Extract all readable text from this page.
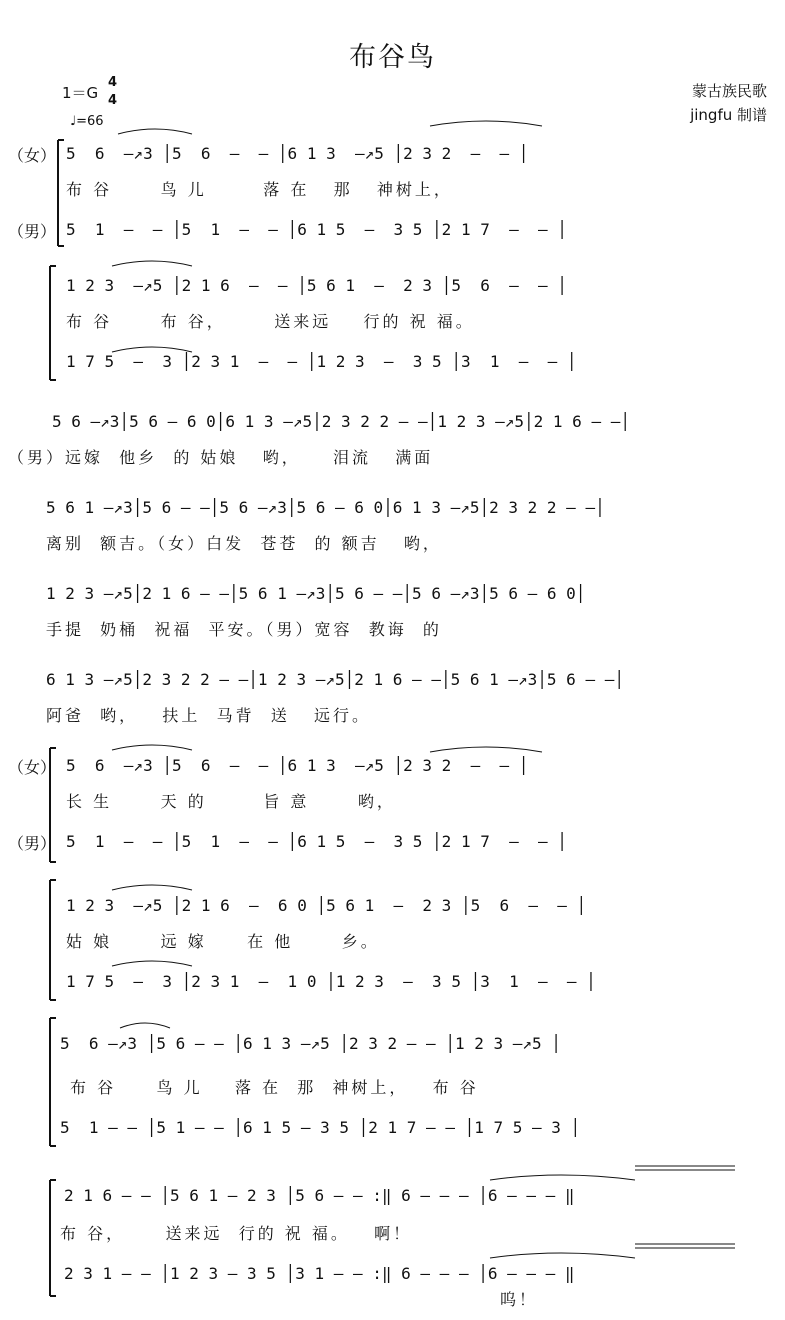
布谷鸟
蒙古族民歌
jingfu 制谱
1＝G
4
4
♩=66
5  6  –↗3 │5  6  –  – │6 1 3  –↗5 │2 3 2  –  – │
布 谷      鸟 儿       落 在   那   神树上，
5  1  –  – │5  1  –  – │6 1 5  –  3 5 │2 1 7  –  – │
1 2 3  –↗5 │2 1 6  –  – │5 6 1  –  2 3 │5  6  –  – │
布 谷      布 谷，      送来远    行的 祝 福。
1 7 5  –  3 │2 3 1  –  – │1 2 3  –  3 5 │3  1  –  – │
5 6 –↗3│5 6 – 6 0│6 1 3 –↗5│2 3 2 2 – –│1 2 3 –↗5│2 1 6 – –│
（男）远嫁  他乡  的 姑娘   哟，    泪流   满面
5 6 1 –↗3│5 6 – –│5 6 –↗3│5 6 – 6 0│6 1 3 –↗5│2 3 2 2 – –│
离别  额吉。（女）白发  苍苍  的 额吉   哟，
1 2 3 –↗5│2 1 6 – –│5 6 1 –↗3│5 6 – –│5 6 –↗3│5 6 – 6 0│
手提  奶桶  祝福  平安。（男）宽容  教诲  的
6 1 3 –↗5│2 3 2 2 – –│1 2 3 –↗5│2 1 6 – –│5 6 1 –↗3│5 6 – –│
阿爸  哟，   扶上  马背  送   远行。
5  6  –↗3 │5  6  –  – │6 1 3  –↗5 │2 3 2  –  – │
长 生      天 的       旨 意      哟，
5  1  –  – │5  1  –  – │6 1 5  –  3 5 │2 1 7  –  – │
1 2 3  –↗5 │2 1 6  –  6 0 │5 6 1  –  2 3 │5  6  –  – │
姑 娘      远 嫁     在 他      乡。
1 7 5  –  3 │2 3 1  –  1 0 │1 2 3  –  3 5 │3  1  –  – │
5  6 –↗3 │5 6 – – │6 1 3 –↗5 │2 3 2 – – │1 2 3 –↗5 │
布 谷     鸟 儿    落 在  那  神树上，   布 谷
5  1 – – │5 1 – – │6 1 5 – 3 5 │2 1 7 – – │1 7 5 – 3 │
2 1 6 – – │5 6 1 – 2 3 │5 6 – – :‖ 6 – – – │6 – – – ‖
布 谷，     送来远  行的 祝 福。   啊！
2 3 1 – – │1 2 3 – 3 5 │3 1 – – :‖ 6 – – – │6 – – – ‖
呜！
（女）
（男）
（女）
（男）
